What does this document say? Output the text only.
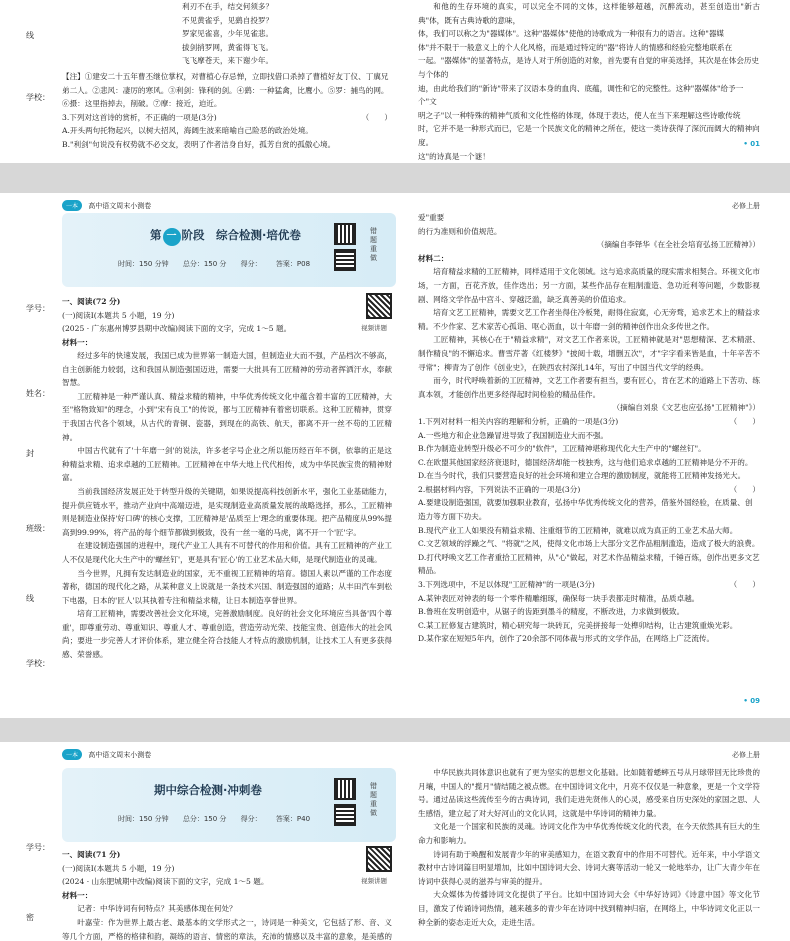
线
学校：
利刃不在手，结交何须多？
不见黄雀乎，见鹞自投罗？
罗家见雀喜，少年见雀悲。
拔剑捎罗网，黄雀得飞飞。
飞飞摩苍天，来下谢少年。
【注】①建安二十五年曹丕继位掌权，对曹植心存忌惮，立即找借口杀掉了曹植好友丁仪、丁廙兄弟二人。②悲风：凄厉的寒风。③利剑：锋利的剑。④鹞：一种猛禽，比鹰小。⑤罗：捕鸟的网。
⑥摄：这里指掉去，削破。⑦摩：接近，迫近。
3.下列对这首诗的赏析，不正确的一项是(3分)	（　　）
A.开头两句托物起兴，以树大招风，海阔生波来暗喻自己险恶的政治处境。
B."利剑"句说没有权势就不必交友，表明了作者洁身自好，孤芳自赏的孤傲心境。
和他的生存环境的真实，可以完全不同的文体，这样能够超越，沉醉流动，甚至创造出"新古典"体，既有古典诗歌的意味，
体，我们可以称之为"器媒体"。这种"器媒体"使他的诗歌成为一种很有力的语言。这种"器媒
体"并不限于一般意义上的个人化风格，而是通过特定的"器"将诗人的情感和经验完整地联系在
一起。"器媒体"的显著特点，是诗人对于所创造的对象，首先要有自觉的审美选择，其次是在体会历史与个体的
迪，由此给我们的"新诗"带来了汉语本身的血肉、底蕴，调性和它的完整性。这种"器媒体"给予一个"文
明之子"以一种特殊的精神气质和文化性格的体现，体现于表达，使人在当下来理解这些诗歌传统
时，它并不是一种形式而已，它是一个民族文化的精神之所在，使这一类诗获得了深沉而阔大的精神向度。
这"的诗真是一个谜！
• 01
一本 高中语文周末小测卷	必修上册
学号：
姓名：
封
班级：
线
学校：
第 一 阶段　综合检测·培优卷
时间：150 分钟 总分：150 分 得分： 答案：P08
错题重做
视频讲题
一、阅读(72 分)
(一)阅读Ⅰ(本题共 5 小题，19 分)
(2025 · 广东惠州博罗县期中改编)阅读下面的文字，完成 1～5 题。
材料一：
经过多年的快速发展，我国已成为世界第一制造大国，但制造业大而不强，产品档次不够高，自主创新能力较弱，这和我国从制造强国迈进，需要一大批具有工匠精神的劳动者挥洒汗水，奉献智慧。
工匠精神是一种严谨认真、精益求精的精神，中华优秀传统文化中蕴含着丰富的工匠精神，大至"格物致知"的理念，小到"宋有良工"的传说，都与工匠精神有着密切联系。这种工匠精神，贯穿于我国古代各个领域，从古代的青铜、瓷器，到现在的高铁、航天，都离不开一丝不苟的工匠精神。
中国古代就有了'十年磨一剑'的说法，许多老字号企业之所以能历经百年不倒，依靠的正是这种精益求精、追求卓越的工匠精神。工匠精神在中华大地上代代相传，成为中华民族宝贵的精神财富。
当前我国经济发展正处于转型升级的关键期，如果说提高科技创新水平，强化工业基础能力，提升供应链水平，推动产业向中高端迈进，是实现制造业高质量发展的战略选择，那么，工匠精神则是制造业保持'好口碑'的核心支撑，工匠精神是'品质至上'理念的重要体现。把产品精度从99%提高到99.99%，将产品的每个细节都做到极致，没有一丝一毫的马虎，离不开一个'匠'字。
在建设制造强国的进程中，现代产业工人具有不可替代的作用和价值。具有工匠精神的产业工人不仅是现代化大生产中的'螺丝钉'，更是具有'匠心'的工业艺术品大师，是现代制造业的灵魂。
当今世界，凡拥有发达制造业的国家，无不重视工匠精神的培育。德国人素以严谨的工作态度著称，德国的现代化之路，从某种意义上说就是一条技术兴国、制造强国的道路；从丰田汽车到松下电器，日本的'匠人'以其执着专注和精益求精，让日本制造享誉世界。
培育工匠精神，需要改善社会文化环境，完善激励制度。良好的社会文化环境应当具备'四个尊重'，即尊重劳动、尊重知识、尊重人才、尊重创造，营造劳动光荣、技能宝贵、创造伟大的社会风尚；要进一步完善人才评价体系，建立健全符合技能人才特点的激励机制，让技术工人有更多获得感、荣誉感。
爱"重要
的行为准则和价值规范。
（摘编自李铎华《在全社会培育弘扬工匠精神》）
材料二：
培育精益求精的工匠精神，同样适用于文化领域。这与追求高质量的现实需求相契合。环视文化市场，一方面，百花齐放，佳作迭出；另一方面，某些作品存在粗制滥造、急功近利等问题，少数影视剧、网络文学作品中宫斗、穿越泛滥，缺乏真善美的价值追求。
培育文艺工匠精神，需要文艺工作者坐得住冷板凳，耐得住寂寞，心无旁骛，追求艺术上的精益求精。不少作家、艺术家苦心孤诣、呕心沥血，以十年磨一剑的精神创作出众多传世之作。
工匠精神，其核心在于"精益求精"，对文艺工作者来说，工匠精神就是对"思想精深、艺术精湛、制作精良"的不懈追求。曹雪芹著《红楼梦》"披阅十载，增删五次"，才"字字看来皆是血，十年辛苦不寻常"；柳青为了创作《创业史》，在陕西农村深扎14年，写出了中国当代文学的经典。
而今，时代呼唤着新的工匠精神，文艺工作者要有担当，要有匠心，肯在艺术的道路上下苦功、练真本领，才能创作出更多经得起时间检验的精品佳作。
（摘编自刘泉《文艺也应弘扬"工匠精神"》）
1.下列对材料一相关内容的理解和分析，正确的一项是(3分)	（　　）
A.一些地方和企业急躁冒进导致了我国制造业大而不强。
B.作为制造业转型升级必不可少的"软件"，工匠精神堪称现代化大生产中的"螺丝钉"。
C.在欧盟其他国家经济衰退时，德国经济却能一枝独秀，这与他们追求卓越的工匠精神是分不开的。
D.在当今时代，我们只要营造良好的社会环境和建立合理的激励制度，就能将工匠精神发扬光大。
2.根据材料内容，下列说法不正确的一项是(3分)	（　　）
A.要建设制造强国，就要加强职业教育，弘扬中华优秀传统文化的营养，借鉴外国经验，在质量、创造力等方面下功夫。
B.现代产业工人如果没有精益求精、注重细节的工匠精神，就难以成为真正的工业艺术品大师。
C.文艺领域的浮躁之气、"将就"之风，使得文化市场上大部分文艺作品粗制滥造，造成了极大的浪费。
D.打代呼唤文艺工作者重拾工匠精神，从"心"做起，对艺术作品精益求精，千锤百炼，创作出更多文艺精品。
3.下列选项中，不足以体现"工匠精神"的一项是(3分)	（　　）
A.某钟表匠对钟表的每一个零件精雕细琢，确保每一块手表都走时精准，品质卓越。
B.鲁班在发明创造中，从锯子的齿距到墨斗的精度，不断改进，力求做到极致。
C.某工匠修复古建筑时，精心研究每一块砖瓦，完美拼接每一处榫卯结构，让古建筑重焕光彩。
D.某作家在短短5年内，创作了20余部不同体裁与形式的文学作品，在网络上广泛流传。
• 09
一本 高中语文周末小测卷	必修上册
学号：
密
期中综合检测·冲刺卷
时间：150 分钟 总分：150 分 得分： 答案：P40
错题重做
视频讲题
一、阅读(71 分)
(一)阅读Ⅰ(本题共 5 小题，19 分)
(2024 · 山东肥城期中改编)阅读下面的文字，完成 1～5 题。
材料一：
记者：中华诗词有何特点？其美感体现在何处？
叶嘉莹：作为世界上最古老、最基本的文学形式之一，诗词是一种美文，它包括了形、音、义等几个方面，严格的格律和韵，凝练的语言、情密的章法，充沛的情感以及丰富的意象，是美感的
中华民族共同体意识也就有了更为坚实的思想文化基础。比如随着蟋蟀五号从月球带回无比珍贵的月壤，中国人的"揽月"情结随之被点燃。在中国诗词文化中，月亮不仅仅是一种意象，更是一个文学符号。通过品读这些流传至今的古典诗词，我们走进先贤伟人的心灵，感受来自历史深处的家国之思、人生感悟，建立起了对大好河山的文化认同，这就是中华诗词的精神力量。
文化是一个国家和民族的灵魂。诗词文化作为中华优秀传统文化的代表，在今天依然具有巨大的生命力和影响力。
诗词有助于唤醒和发展青少年的审美感知力，在语文教育中的作用不可替代。近年来，中小学语文教材中古诗词篇目明显增加，比如中国诗词大会、诗词大赛等活动一轮又一轮地举办，让广大青少年在诗词中获得心灵的滋养与审美的提升。
大众媒体为传播诗词文化提供了平台。比如中国诗词大会《中华好诗词》《诗意中国》等文化节目，激发了传诵诗词热情，越来越多的青少年在诗词中找到精神归宿，在网络上，中华诗词文化正以一种全新的姿态走近大众，走进生活。
